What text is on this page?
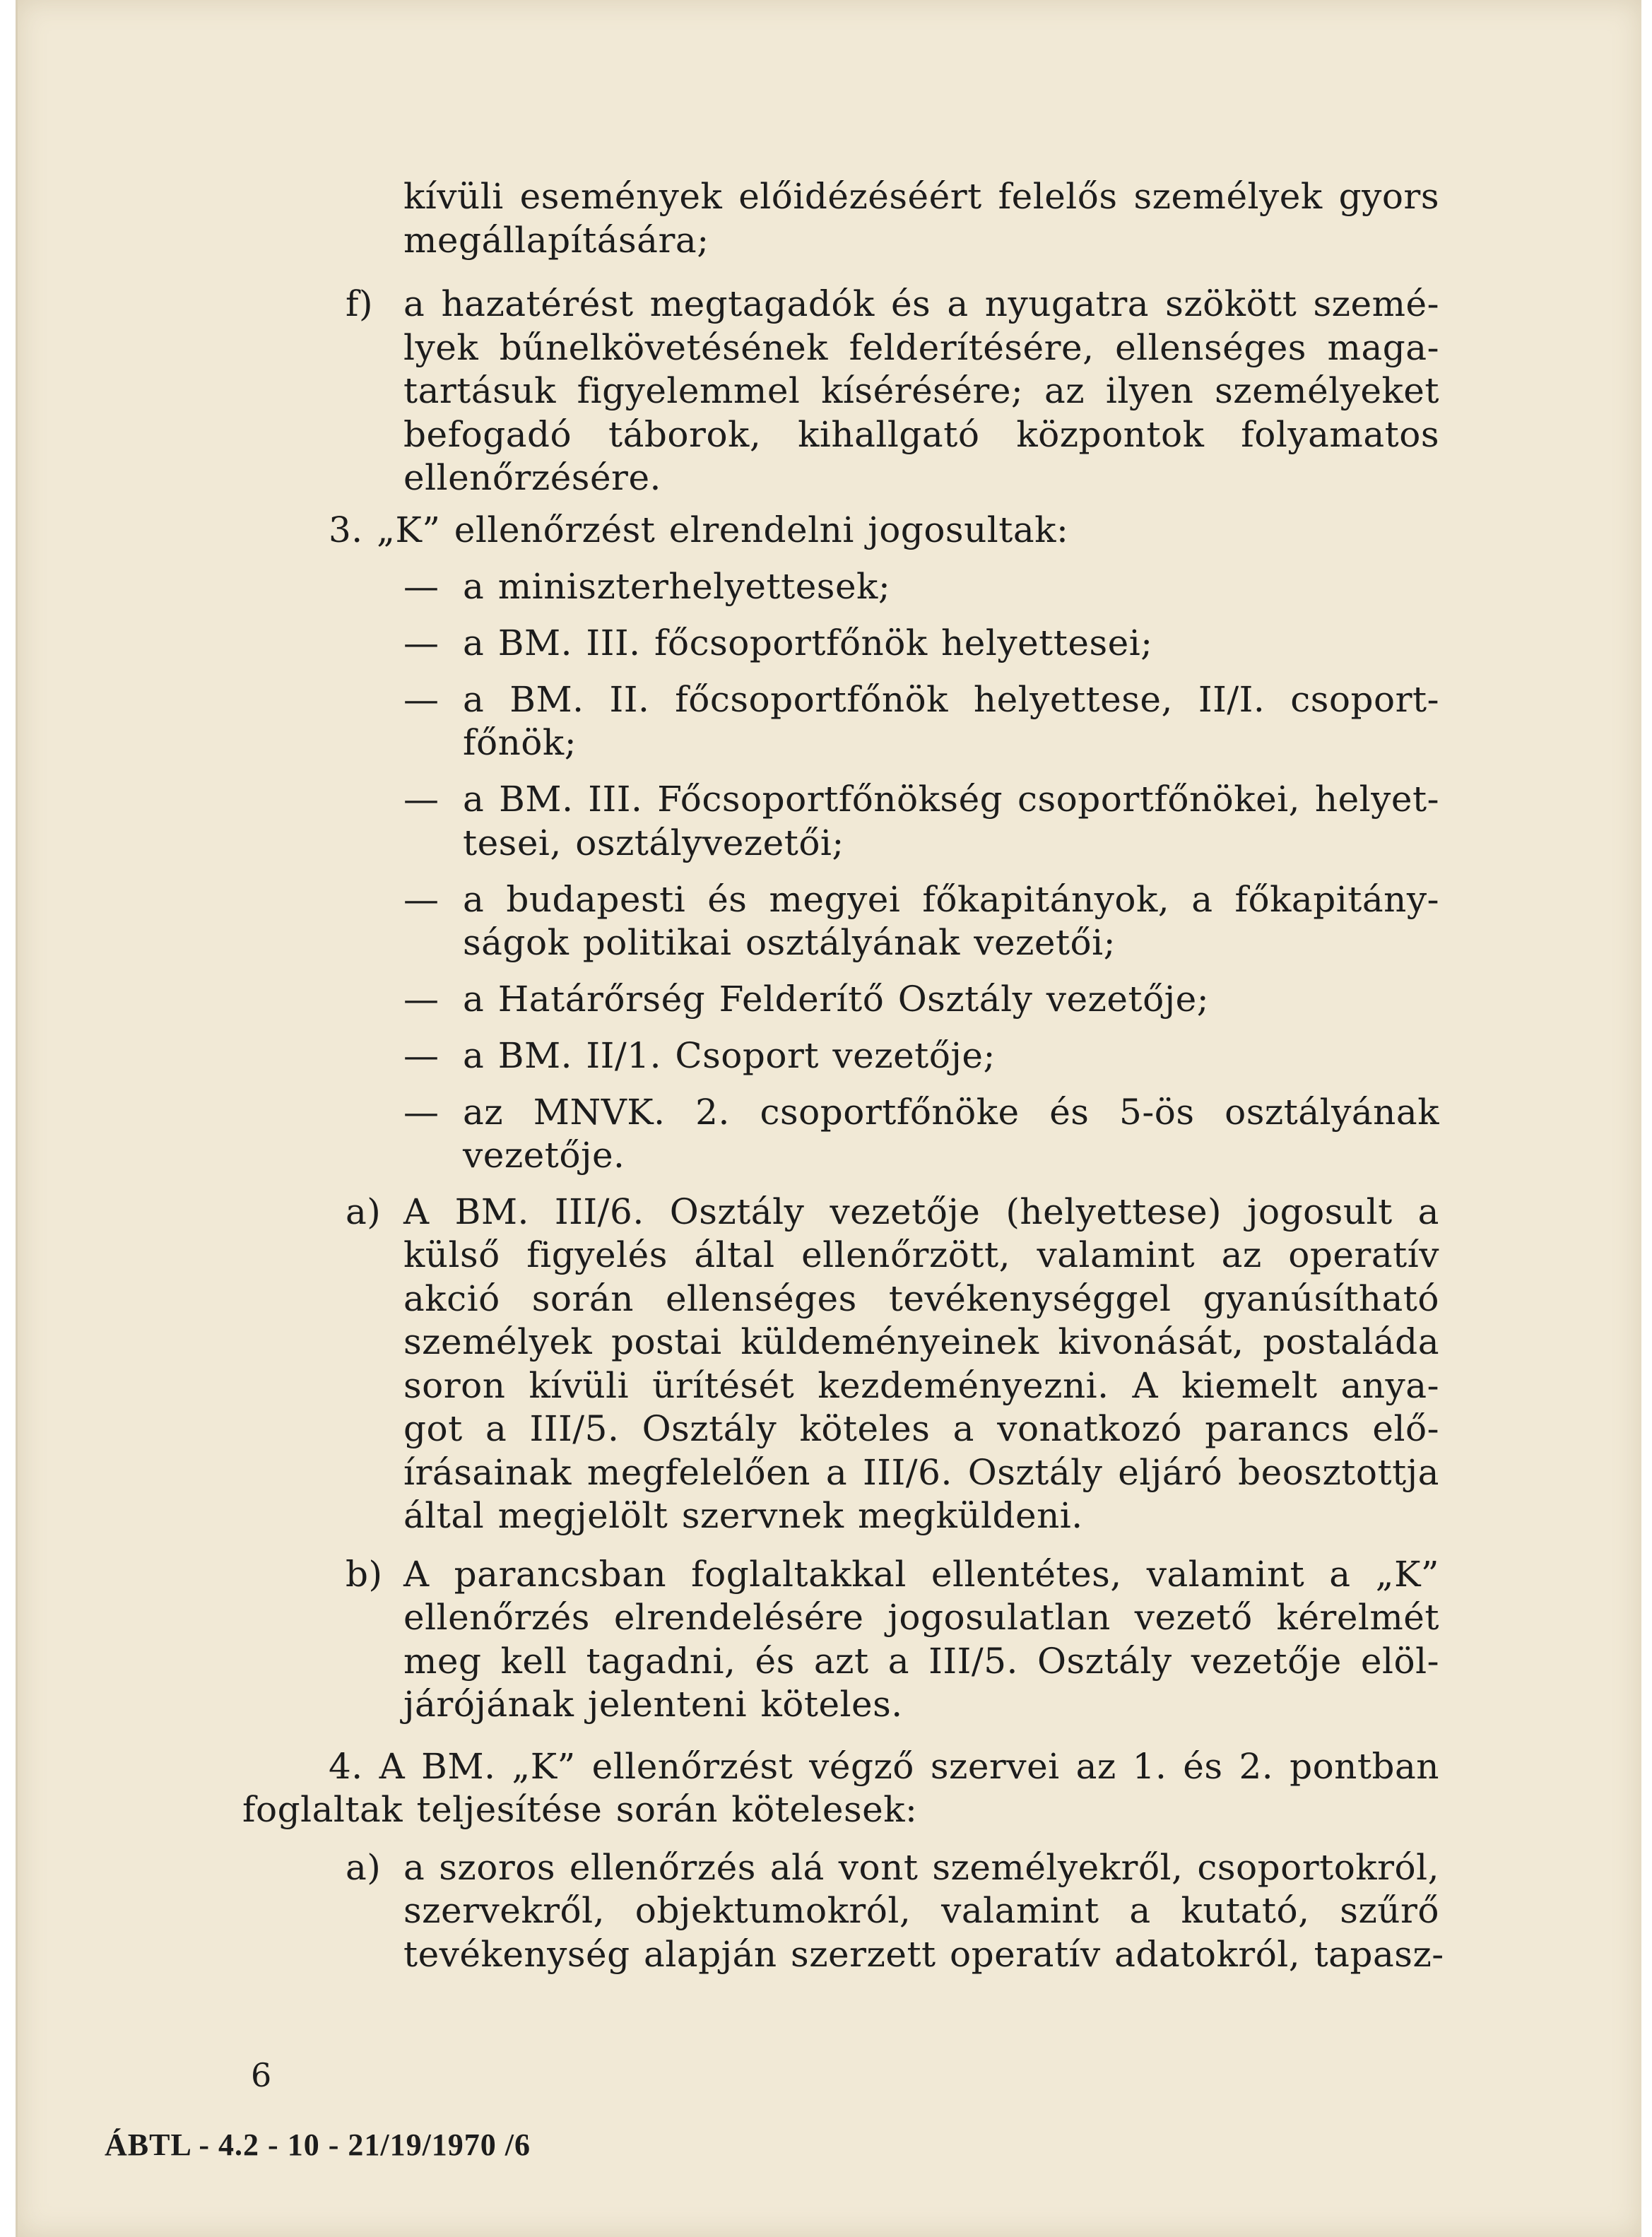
kívüli események előidézéséért felelős személyek gyors
megállapítására;
a hazatérést megtagadók és a nyugatra szökött szemé-
f)
lyek bűnelkövetésének felderítésére, ellenséges maga-
tartásuk figyelemmel kísérésére; az ilyen személyeket
befogadó táborok, kihallgató központok folyamatos
ellenőrzésére.
3. „K” ellenőrzést elrendelni jogosultak:
a miniszterhelyettesek;
—
a BM. III. főcsoportfőnök helyettesei;
—
a BM. II. főcsoportfőnök helyettese, II/I. csoport-
—
főnök;
a BM. III. Főcsoportfőnökség csoportfőnökei, helyet-
—
tesei, osztályvezetői;
a budapesti és megyei főkapitányok, a főkapitány-
—
ságok politikai osztályának vezetői;
a Határőrség Felderítő Osztály vezetője;
—
a BM. II/1. Csoport vezetője;
—
az MNVK. 2. csoportfőnöke és 5-ös osztályának
—
vezetője.
A BM. III/6. Osztály vezetője (helyettese) jogosult a
a)
külső figyelés által ellenőrzött, valamint az operatív
akció során ellenséges tevékenységgel gyanúsítható
személyek postai küldeményeinek kivonását, postaláda
soron kívüli ürítését kezdeményezni. A kiemelt anya-
got a III/5. Osztály köteles a vonatkozó parancs elő-
írásainak megfelelően a III/6. Osztály eljáró beosztottja
által megjelölt szervnek megküldeni.
A parancsban foglaltakkal ellentétes, valamint a „K”
b)
ellenőrzés elrendelésére jogosulatlan vezető kérelmét
meg kell tagadni, és azt a III/5. Osztály vezetője elöl-
járójának jelenteni köteles.
4. A BM. „K” ellenőrzést végző szervei az 1. és 2. pontban
foglaltak teljesítése során kötelesek:
a szoros ellenőrzés alá vont személyekről, csoportokról,
a)
szervekről, objektumokról, valamint a kutató, szűrő
tevékenység alapján szerzett operatív adatokról, tapasz-
6
ÁBTL - 4.2 - 10 - 21/19/1970 /6
